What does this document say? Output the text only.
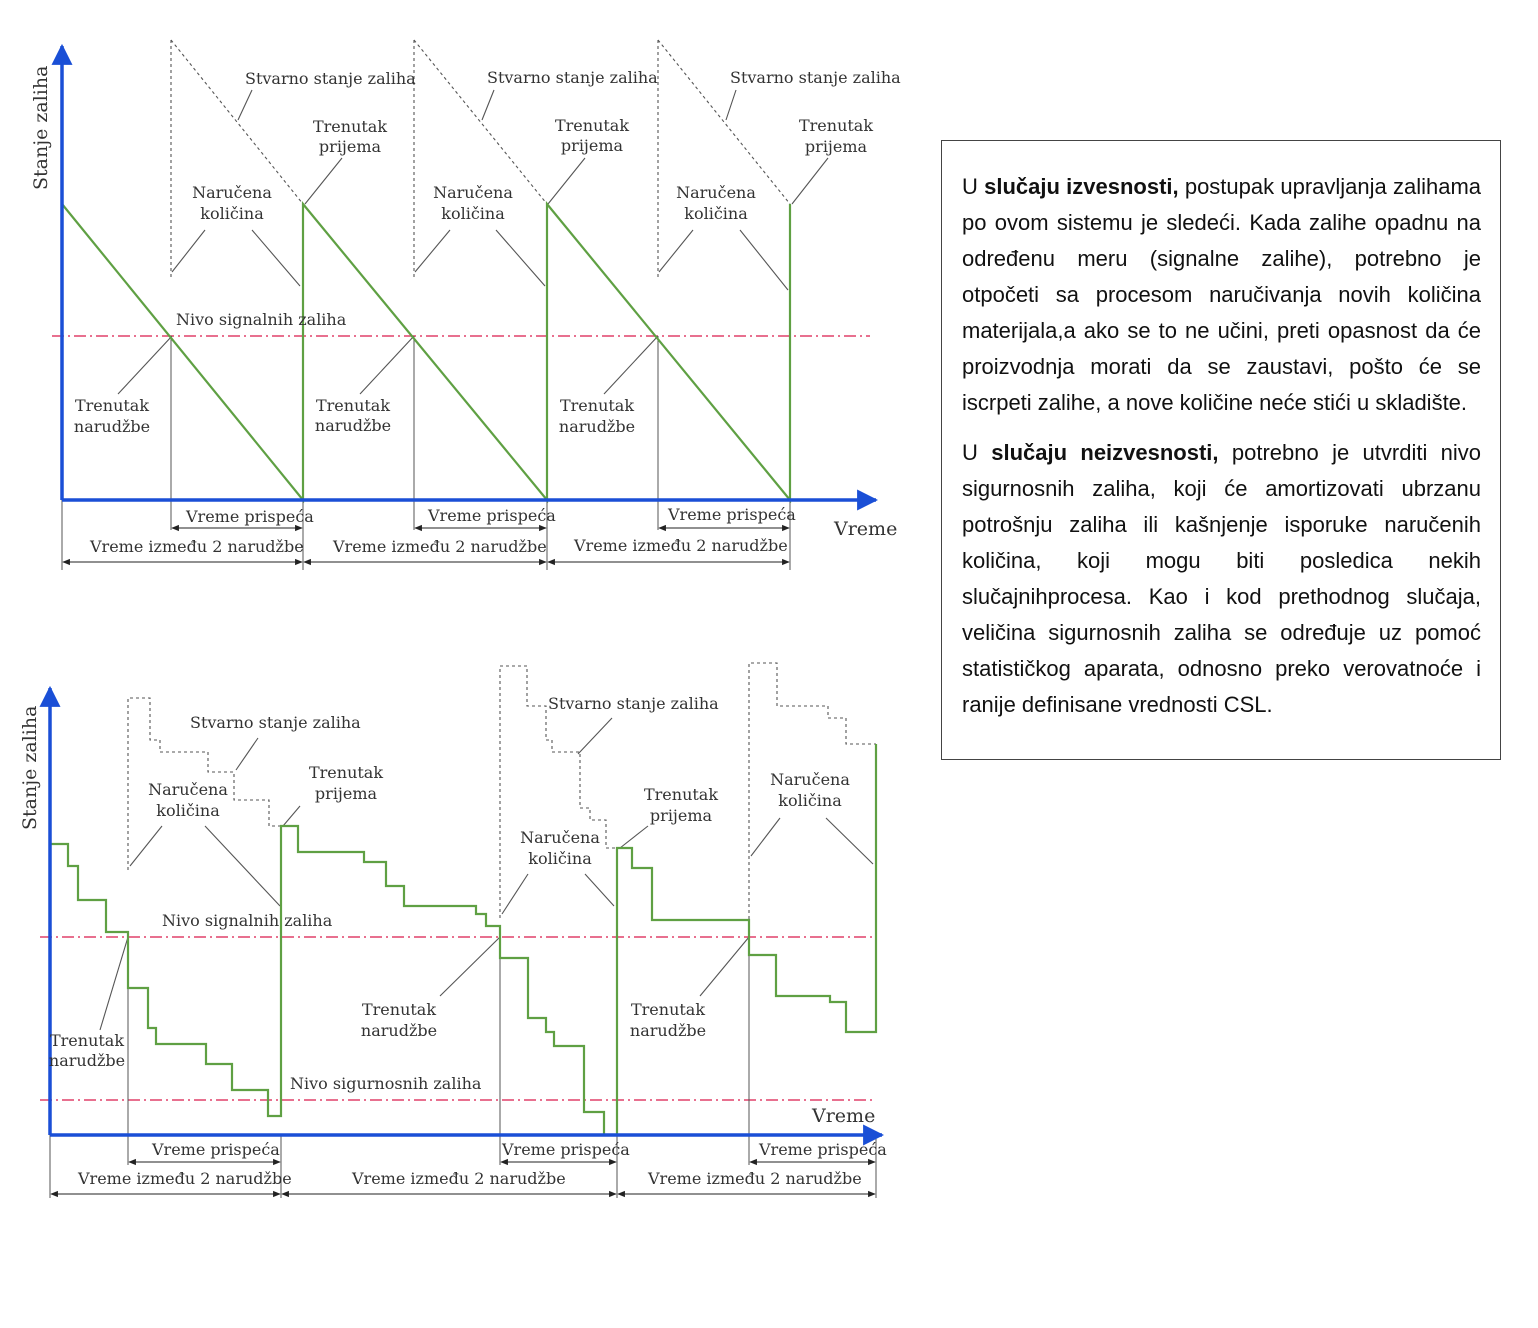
Stanje zaliha
Vreme
Stvarno stanje zaliha	Stvarno stanje zaliha	Stvarno stanje zaliha
Trenutak
prijema
Trenutak
prijema
Trenutak
prijema
Naručena
količina
Naručena
količina
Naručena
količina
Nivo signalnih zaliha
Trenutak
narudžbe
Trenutak
narudžbe
Trenutak
narudžbe
Vreme prispeća	Vreme prispeća	Vreme prispeća
Vreme između 2 narudžbe Vreme između 2 narudžbe Vreme između 2 narudžbe
Stanje zaliha
Vreme
Stvarno stanje zaliha
Stvarno stanje zaliha
Trenutak
prijema	Trenutak
prijema
Naručena
količina
Naručena
količina
Naručena
količina
Nivo signalnih zaliha
Nivo sigurnosnih zaliha
Trenutak
narudžbe
Trenutak
narudžbe
Trenutak
narudžbe
Vreme prispeća	Vreme prispeća	Vreme prispeća
Vreme između 2 narudžbe	Vreme između 2 narudžbe	Vreme između 2 narudžbe

U slučaju izvesnosti, postupak upravljanja zalihama po ovom sistemu je sledeći. Kada zalihe opadnu na određenu meru (signalne zalihe), potrebno je otpočeti sa procesom naručivanja novih količina materijala,a ako se to ne učini, preti opasnost da će proizvodnja morati da se zaustavi, pošto će se iscrpeti zalihe, a nove količine neće stići u skladište.

U slučaju neizvesnosti, potrebno je utvrditi nivo sigurnosnih zaliha, koji će amortizovati ubrzanu potrošnju zaliha ili kašnjenje isporuke naručenih količina, koji mogu biti posledica nekih slučajnihprocesa. Kao i kod prethodnog slučaja, veličina sigurnosnih zaliha se određuje uz pomoć statističkog aparata, odnosno preko verovatnoće i ranije definisane vrednosti CSL.
